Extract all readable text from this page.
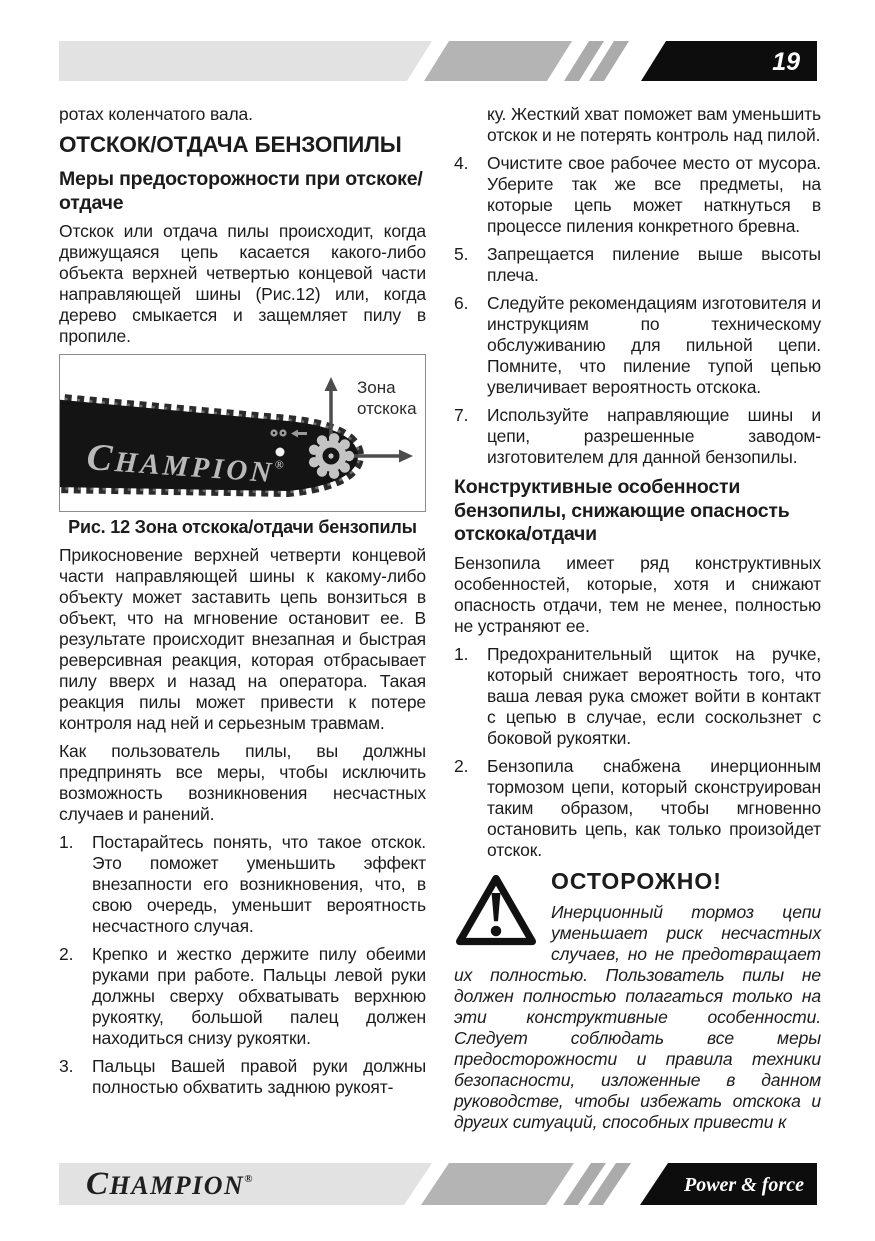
19

ротах коленчатого вала.

ОТСКОК/ОТДАЧА БЕНЗОПИЛЫ
Меры предосторожности при отскоке/отдаче

Отскок или отдача пилы происходит, когда движущаяся цепь касается какого-либо объекта верхней четвертью концевой части направляющей шины (Рис.12) или, когда дерево смыкается и защемляет пилу в пропиле.

CHAMPION®
Зона отскока
Рис. 12 Зона отскока/отдачи бензопилы

Прикосновение верхней четверти концевой части направляющей шины к какому-либо объекту может заставить цепь вонзиться в объект, что на мгновение остановит ее. В результате происходит внезапная и быстрая реверсивная реакция, которая отбрасывает пилу вверх и назад на оператора. Такая реакция пилы может привести к потере контроля над ней и серьезным травмам.

Как пользователь пилы, вы должны предпринять все меры, чтобы исключить возможность возникновения несчастных случаев и ранений.

1. Постарайтесь понять, что такое отскок. Это поможет уменьшить эффект внезапности его возникновения, что, в свою очередь, уменьшит вероятность несчастного случая.
2. Крепко и жестко держите пилу обеими руками при работе. Пальцы левой руки должны сверху обхватывать верхнюю рукоятку, большой палец должен находиться снизу рукоятки.
3. Пальцы Вашей правой руки должны полностью обхватить заднюю рукоят-
ку. Жесткий хват поможет вам уменьшить отскок и не потерять контроль над пилой.
4. Очистите свое рабочее место от мусора. Уберите так же все предметы, на которые цепь может наткнуться в процессе пиления конкретного бревна.
5. Запрещается пиление выше высоты плеча.
6. Следуйте рекомендациям изготовителя и инструкциям по техническому обслуживанию для пильной цепи. Помните, что пиление тупой цепью увеличивает вероятность отскока.
7. Используйте направляющие шины и цепи, разрешенные заводом-изготовителем для данной бензопилы.
Конструктивные особенности бензопилы, снижающие опасность отскока/отдачи

Бензопила имеет ряд конструктивных особенностей, которые, хотя и снижают опасность отдачи, тем не менее, полностью не устраняют ее.

1. Предохранительный щиток на ручке, который снижает вероятность того, что ваша левая рука сможет войти в контакт с цепью в случае, если соскользнет с боковой рукоятки.
2. Бензопила снабжена инерционным тормозом цепи, который сконструирован таким образом, чтобы мгновенно остановить цепь, как только произойдет отскок.
ОСТОРОЖНО!

Инерционный тормоз цепи уменьшает риск несчастных случаев, но не предотвращает их полностью. Пользователь пилы не должен полностью полагаться только на эти конструктивные особенности. Следует соблюдать все меры предосторожности и правила техники безопасности, изложенные в данном руководстве, чтобы избежать отскока и других ситуаций, способных привести к

CHAMPION®	Power & force
